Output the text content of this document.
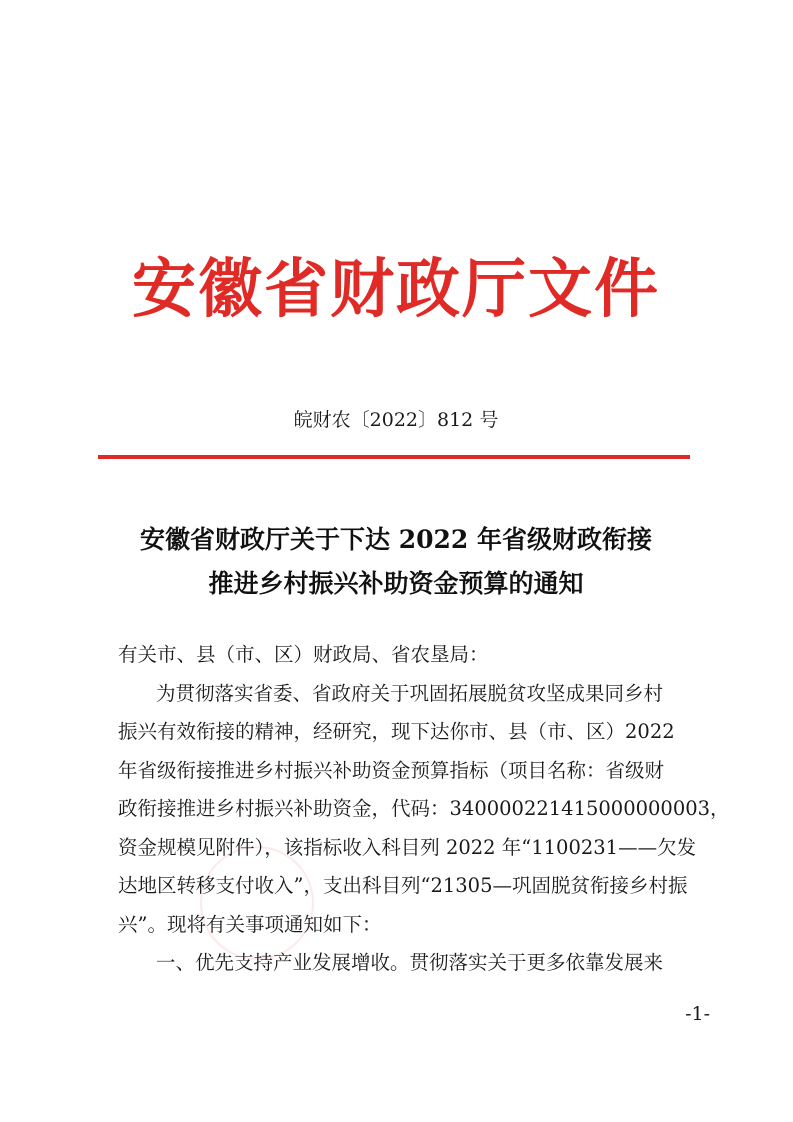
安徽省财政厅文件
皖财农〔2022〕812 号
安徽省财政厅关于下达 2022 年省级财政衔接
推进乡村振兴补助资金预算的通知
有关市、县（市、区）财政局、省农垦局：
为贯彻落实省委、省政府关于巩固拓展脱贫攻坚成果同乡村
振兴有效衔接的精神，经研究，现下达你市、县（市、区）2022
年省级衔接推进乡村振兴补助资金预算指标（项目名称：省级财
政衔接推进乡村振兴补助资金，代码：340000221415000000003，
资金规模见附件），该指标收入科目列 2022 年“1100231——欠发
达地区转移支付收入”，支出科目列“21305—巩固脱贫衔接乡村振
兴”。现将有关事项通知如下：
一、优先支持产业发展增收。贯彻落实关于更多依靠发展来
-1-
